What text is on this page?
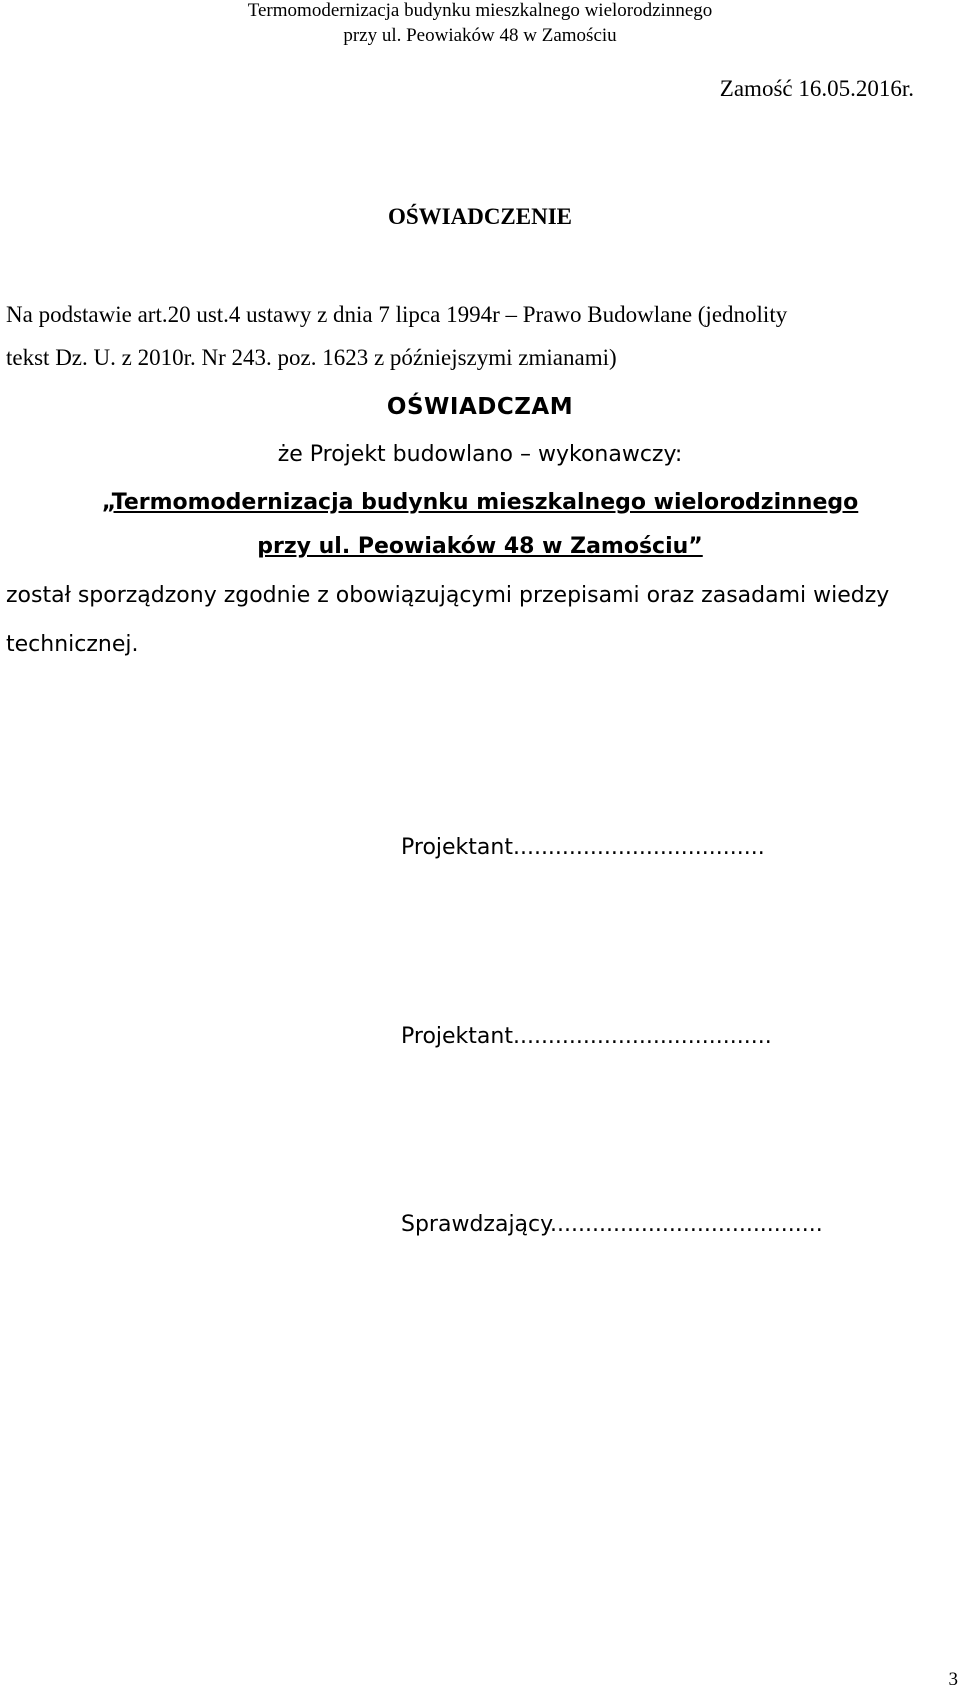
Termomodernizacja budynku mieszkalnego wielorodzinnego
przy ul. Peowiaków 48 w Zamościu
Zamość 16.05.2016r.
OŚWIADCZENIE
Na podstawie art.20 ust.4 ustawy z dnia 7 lipca 1994r – Prawo Budowlane (jednolity
tekst Dz. U. z 2010r. Nr 243. poz. 1623 z późniejszymi zmianami)
OŚWIADCZAM
że Projekt budowlano – wykonawczy:
„Termomodernizacja budynku mieszkalnego wielorodzinnego
przy ul. Peowiaków 48 w Zamościu”
został sporządzony zgodnie z obowiązującymi przepisami oraz zasadami wiedzy
technicznej.
Projektant....................................
Projektant.....................................
Sprawdzający.......................................
3
